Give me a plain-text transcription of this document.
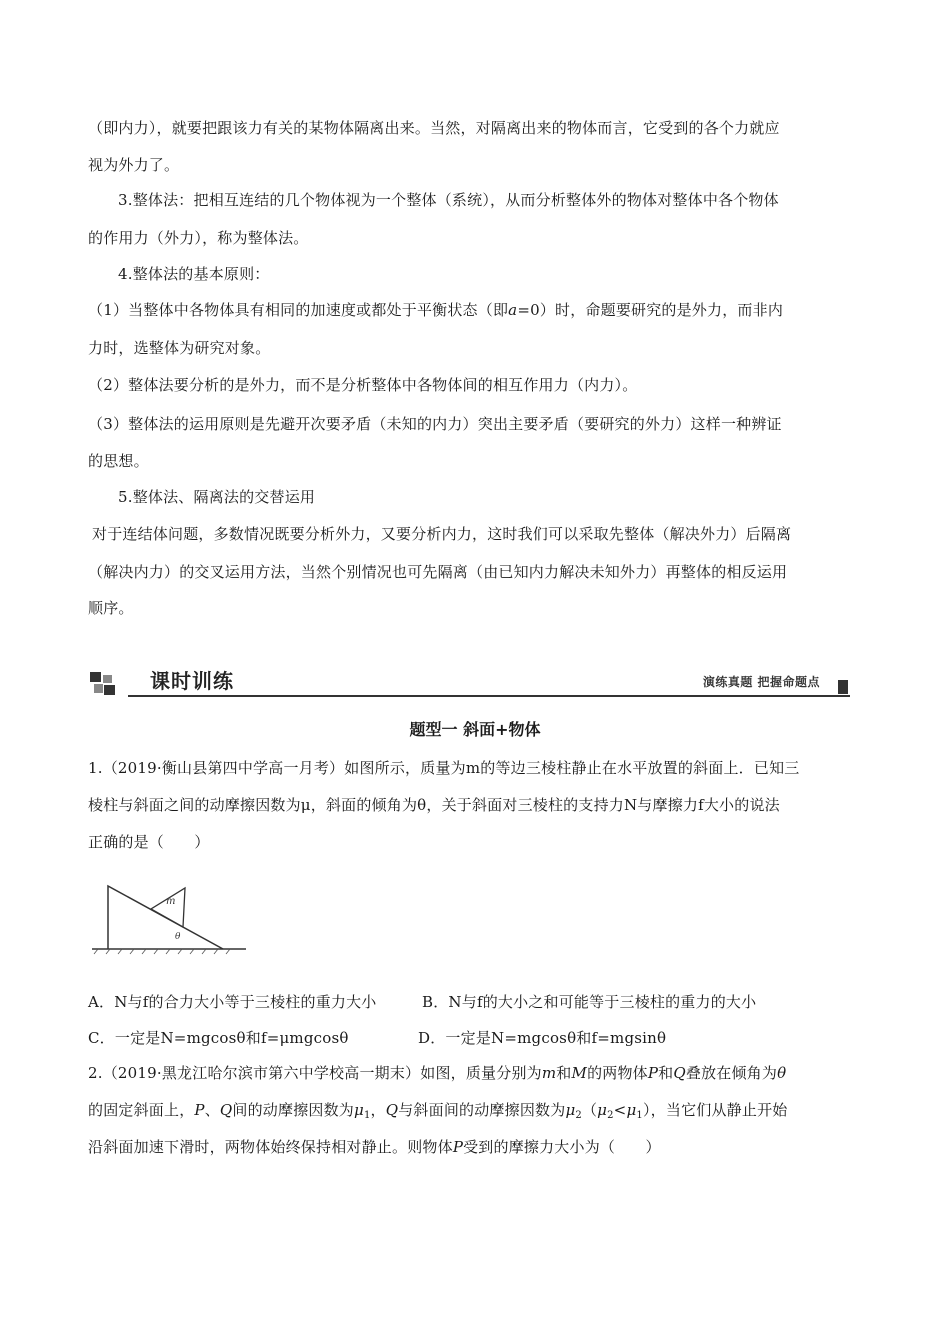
（即内力），就要把跟该力有关的某物体隔离出来。当然，对隔离出来的物体而言，它受到的各个力就应
视为外力了。
3.整体法：把相互连结的几个物体视为一个整体（系统），从而分析整体外的物体对整体中各个物体
的作用力（外力），称为整体法。
4.整体法的基本原则：
（1）当整体中各物体具有相同的加速度或都处于平衡状态（即a=0）时，命题要研究的是外力，而非内
力时，选整体为研究对象。
（2）整体法要分析的是外力，而不是分析整体中各物体间的相互作用力（内力）。
（3）整体法的运用原则是先避开次要矛盾（未知的内力）突出主要矛盾（要研究的外力）这样一种辨证
的思想。
5.整体法、隔离法的交替运用
对于连结体问题，多数情况既要分析外力，又要分析内力，这时我们可以采取先整体（解决外力）后隔离
（解决内力）的交叉运用方法，当然个别情况也可先隔离（由已知内力解决未知外力）再整体的相反运用
顺序。
课时训练	演练真题 把握命题点
题型一 斜面+物体
1.（2019·衡山县第四中学高一月考）如图所示，质量为m的等边三棱柱静止在水平放置的斜面上．已知三
棱柱与斜面之间的动摩擦因数为μ，斜面的倾角为θ，关于斜面对三棱柱的支持力N与摩擦力f大小的说法
正确的是（　　）
m
θ
A．N与f的合力大小等于三棱柱的重力大小	B．N与f的大小之和可能等于三棱柱的重力的大小
C．一定是N=mgcosθ和f=μmgcosθ	D．一定是N=mgcosθ和f=mgsinθ
2.（2019·黑龙江哈尔滨市第六中学校高一期末）如图，质量分别为m和M的两物体P和Q叠放在倾角为θ
的固定斜面上，P、Q间的动摩擦因数为$\mu_1$，Q与斜面间的动摩擦因数为$\mu_2(\mu_2<\mu_1)$，当它们从静止开始
沿斜面加速下滑时，两物体始终保持相对静止。则物体P受到的摩擦力大小为（　　）
